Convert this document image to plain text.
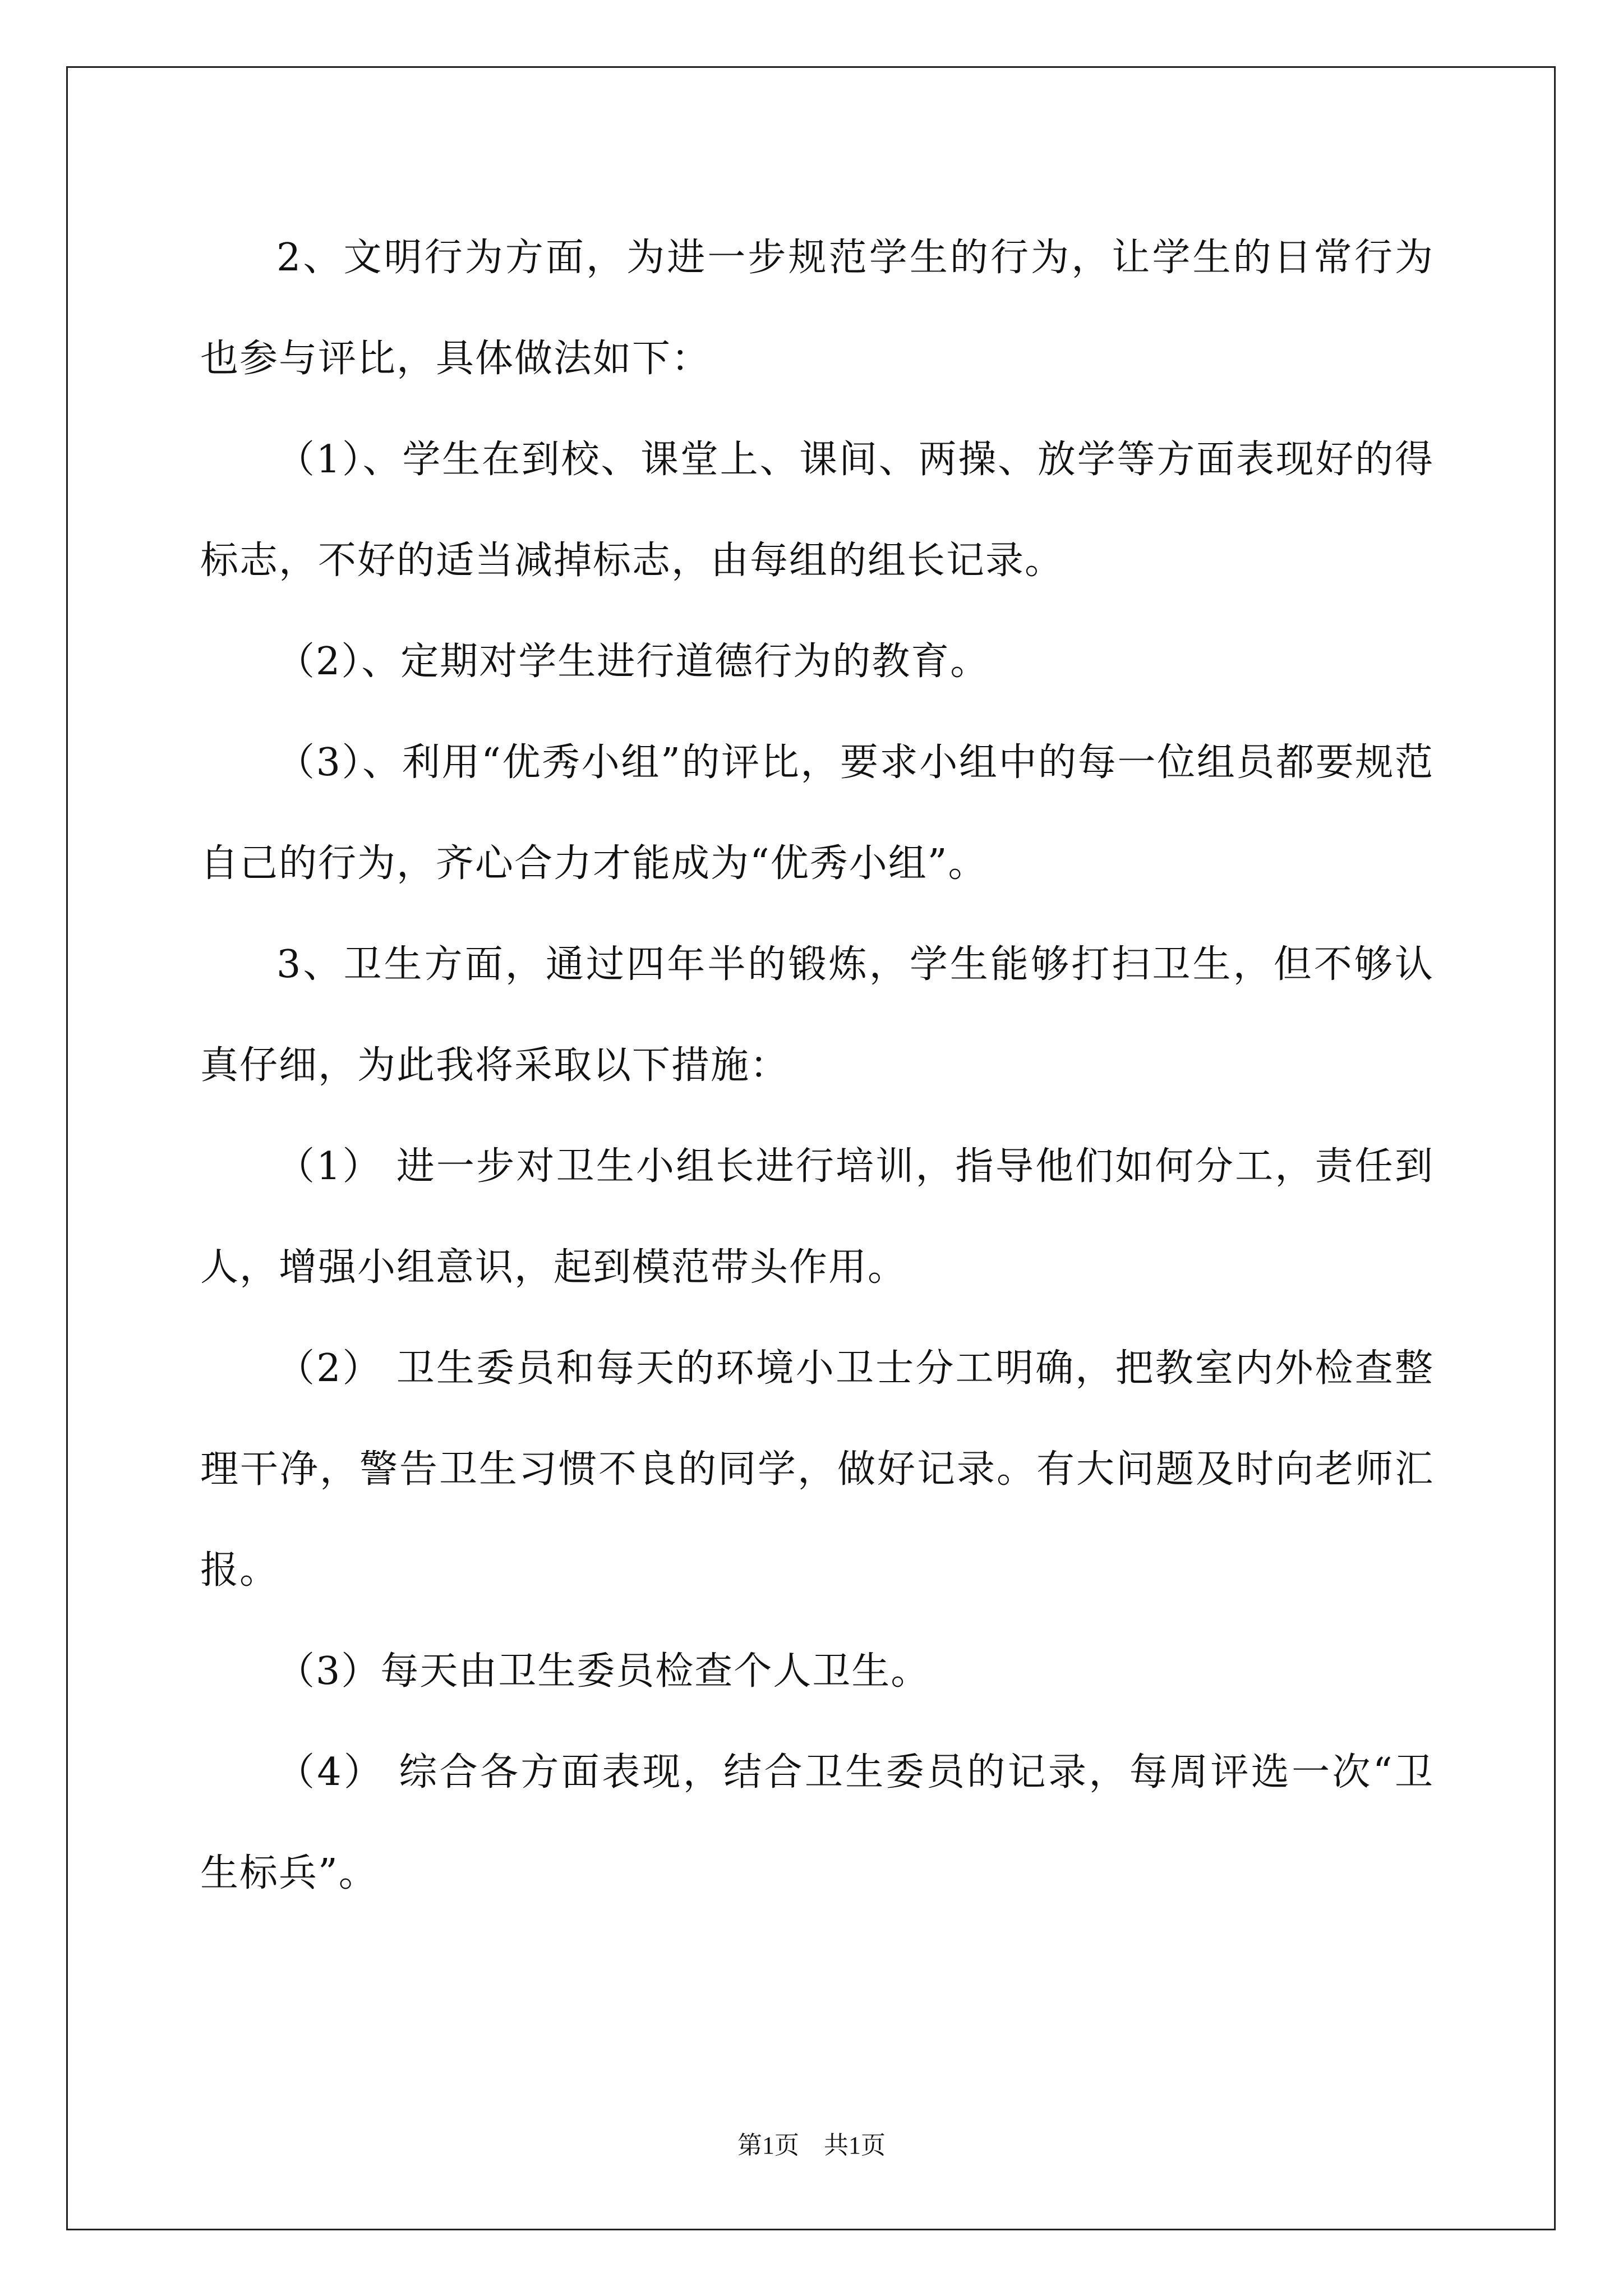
2、文明行为方面，为进一步规范学生的行为，让学生的日常行为也参与评比，具体做法如下：

（1）、学生在到校、课堂上、课间、两操、放学等方面表现好的得标志，不好的适当减掉标志，由每组的组长记录。

（2）、定期对学生进行道德行为的教育。

（3）、利用“优秀小组”的评比，要求小组中的每一位组员都要规范自己的行为，齐心合力才能成为“优秀小组”。

3、卫生方面，通过四年半的锻炼，学生能够打扫卫生，但不够认真仔细，为此我将采取以下措施：

（1） 进一步对卫生小组长进行培训，指导他们如何分工，责任到人，增强小组意识，起到模范带头作用。

（2） 卫生委员和每天的环境小卫士分工明确，把教室内外检查整理干净，警告卫生习惯不良的同学，做好记录。有大问题及时向老师汇报。

（3）每天由卫生委员检查个人卫生。

（4） 综合各方面表现，结合卫生委员的记录，每周评选一次“卫生标兵”。

第1页　共1页
